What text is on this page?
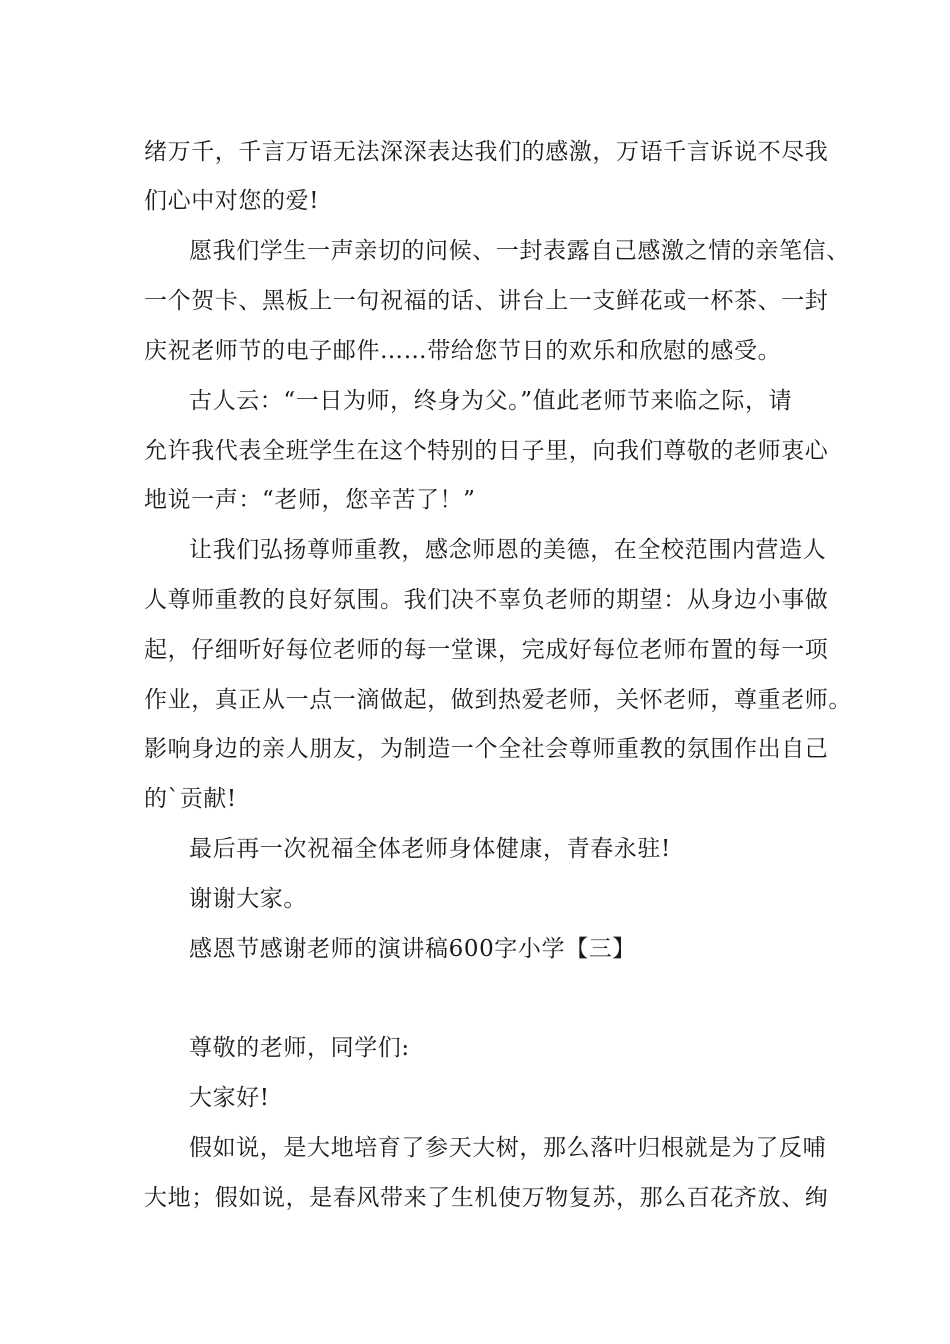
绪万千，千言万语无法深深表达我们的感激，万语千言诉说不尽我
们心中对您的爱!
愿我们学生一声亲切的问候、一封表露自己感激之情的亲笔信、
一个贺卡、黑板上一句祝福的话、讲台上一支鲜花或一杯茶、一封
庆祝老师节的电子邮件……带给您节日的欢乐和欣慰的感受。
古人云：“一日为师，终身为父。”值此老师节来临之际，请
允许我代表全班学生在这个特别的日子里，向我们尊敬的老师衷心
地说一声：“老师，您辛苦了！”
让我们弘扬尊师重教，感念师恩的美德，在全校范围内营造人
人尊师重教的良好氛围。我们决不辜负老师的期望：从身边小事做
起，仔细听好每位老师的每一堂课，完成好每位老师布置的每一项
作业，真正从一点一滴做起，做到热爱老师，关怀老师，尊重老师。
影响身边的亲人朋友，为制造一个全社会尊师重教的氛围作出自己
的`贡献!
最后再一次祝福全体老师身体健康，青春永驻!
谢谢大家。
感恩节感谢老师的演讲稿600字小学【三】
尊敬的老师，同学们:
大家好!
假如说，是大地培育了参天大树，那么落叶归根就是为了反哺
大地；假如说，是春风带来了生机使万物复苏，那么百花齐放、绚
